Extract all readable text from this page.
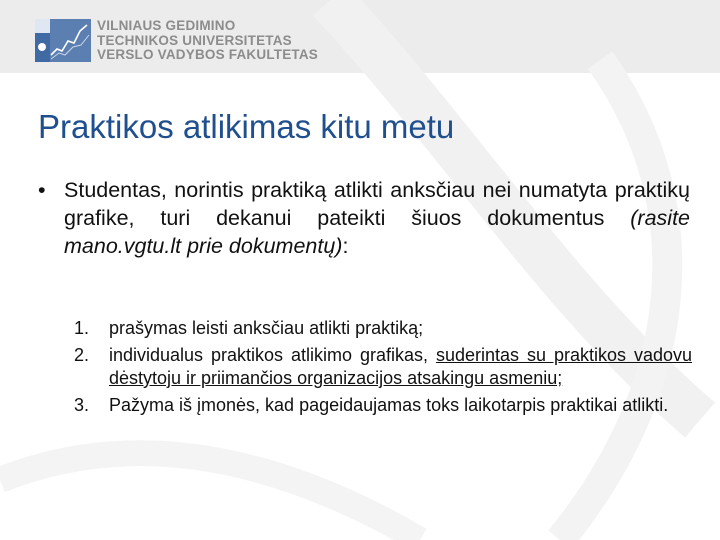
VILNIAUS GEDIMINO
TECHNIKOS UNIVERSITETAS
VERSLO VADYBOS FAKULTETAS
Praktikos atlikimas kitu metu
• Studentas, norintis praktiką atlikti anksčiau nei numatyta praktikų grafike, turi dekanui pateikti šiuos dokumentus (rasite mano.vgtu.lt prie dokumentų):
1. prašymas leisti anksčiau atlikti praktiką;
2. individualus praktikos atlikimo grafikas, suderintas su praktikos vadovu dėstytoju ir priimančios organizacijos atsakingu asmeniu;
3. Pažyma iš įmonės, kad pageidaujamas toks laikotarpis praktikai atlikti.
